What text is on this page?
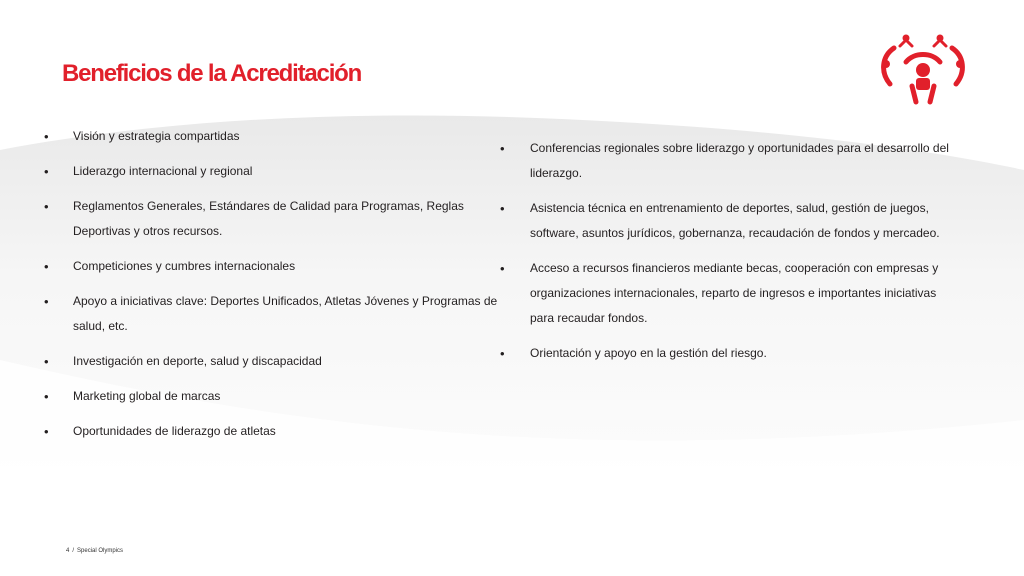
Beneficios de la Acreditación
• Visión y estrategia compartidas
• Liderazgo internacional y regional
• Reglamentos Generales, Estándares de Calidad para Programas, Reglas Deportivas y otros recursos.
• Competiciones y cumbres internacionales
• Apoyo a iniciativas clave: Deportes Unificados, Atletas Jóvenes y Programas de salud, etc.
• Investigación en deporte, salud y discapacidad
• Marketing global de marcas
• Oportunidades de liderazgo de atletas
• Conferencias regionales sobre liderazgo y oportunidades para el desarrollo del liderazgo.
• Asistencia técnica en entrenamiento de deportes, salud, gestión de juegos, software, asuntos jurídicos, gobernanza, recaudación de fondos y mercadeo.
• Acceso a recursos financieros mediante becas, cooperación con empresas y organizaciones internacionales, reparto de ingresos e importantes iniciativas para recaudar fondos.
• Orientación y apoyo en la gestión del riesgo.
4 / Special Olympics
